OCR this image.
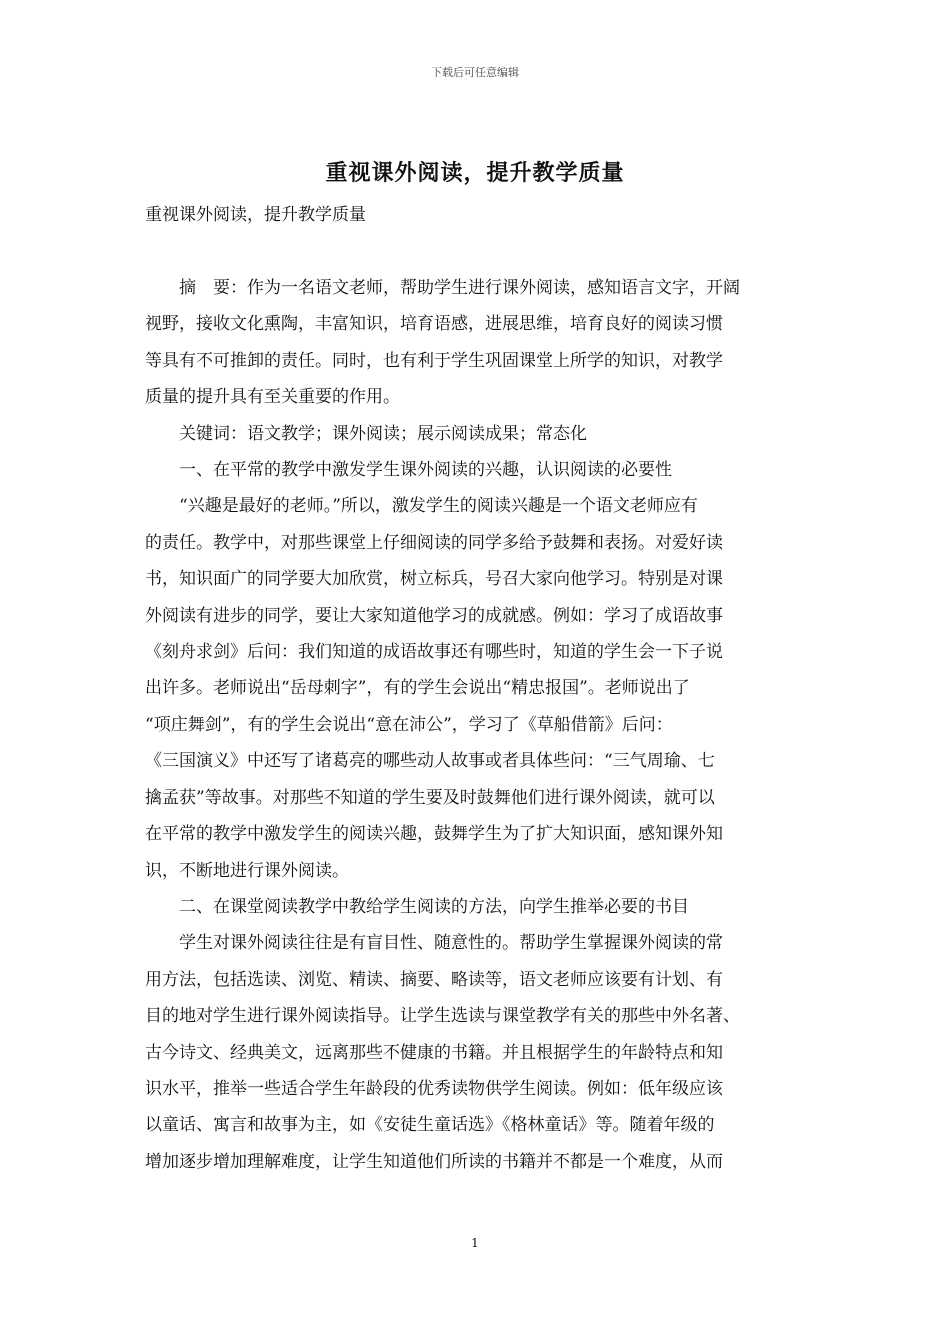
下载后可任意编辑
重视课外阅读，提升教学质量
重视课外阅读，提升教学质量

　　摘　要：作为一名语文老师，帮助学生进行课外阅读，感知语言文字，开阔

视野，接收文化熏陶，丰富知识，培育语感，进展思维，培育良好的阅读习惯

等具有不可推卸的责任。同时，也有利于学生巩固课堂上所学的知识，对教学

质量的提升具有至关重要的作用。

　　关键词：语文教学；课外阅读；展示阅读成果；常态化

　　一、在平常的教学中激发学生课外阅读的兴趣，认识阅读的必要性

　　“兴趣是最好的老师。”所以，激发学生的阅读兴趣是一个语文老师应有

的责任。教学中，对那些课堂上仔细阅读的同学多给予鼓舞和表扬。对爱好读

书，知识面广的同学要大加欣赏，树立标兵，号召大家向他学习。特别是对课

外阅读有进步的同学，要让大家知道他学习的成就感。例如：学习了成语故事

《刻舟求剑》后问：我们知道的成语故事还有哪些时，知道的学生会一下子说

出许多。老师说出“岳母刺字”，有的学生会说出“精忠报国”。老师说出了

“项庄舞剑”，有的学生会说出“意在沛公”，学习了《草船借箭》后问：

《三国演义》中还写了诸葛亮的哪些动人故事或者具体些问：“三气周瑜、七

擒孟获”等故事。对那些不知道的学生要及时鼓舞他们进行课外阅读，就可以

在平常的教学中激发学生的阅读兴趣，鼓舞学生为了扩大知识面，感知课外知

识，不断地进行课外阅读。

　　二、在课堂阅读教学中教给学生阅读的方法，向学生推举必要的书目

　　学生对课外阅读往往是有盲目性、随意性的。帮助学生掌握课外阅读的常

用方法，包括选读、浏览、精读、摘要、略读等，语文老师应该要有计划、有

目的地对学生进行课外阅读指导。让学生选读与课堂教学有关的那些中外名著、

古今诗文、经典美文，远离那些不健康的书籍。并且根据学生的年龄特点和知

识水平，推举一些适合学生年龄段的优秀读物供学生阅读。例如：低年级应该

以童话、寓言和故事为主，如《安徒生童话选》《格林童话》等。随着年级的

增加逐步增加理解难度，让学生知道他们所读的书籍并不都是一个难度，从而

1
